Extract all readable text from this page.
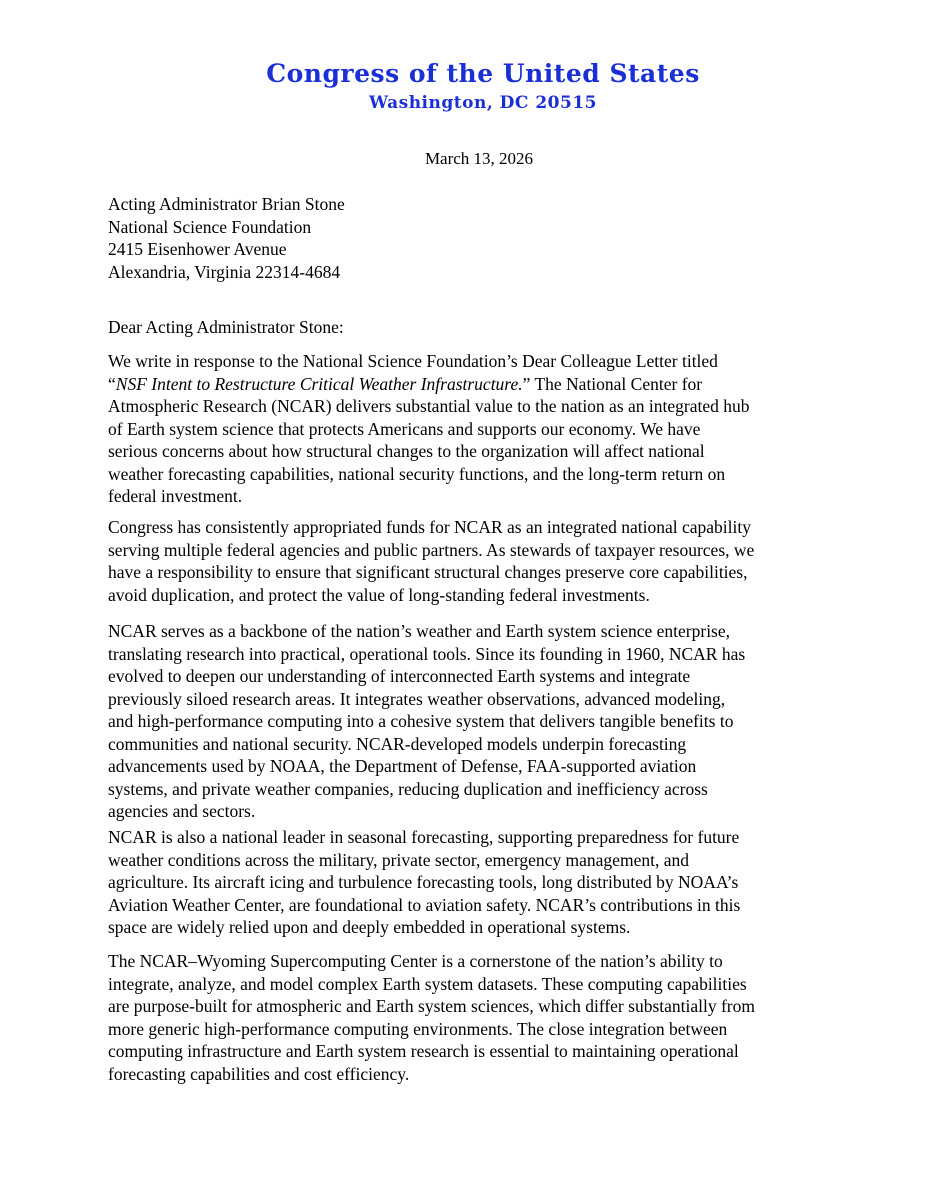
Congress of the United States
Washington, DC 20515
March 13, 2026
Acting Administrator Brian Stone
National Science Foundation
2415 Eisenhower Avenue
Alexandria, Virginia 22314-4684
Dear Acting Administrator Stone:

We write in response to the National Science Foundation’s Dear Colleague Letter titled

“NSF Intent to Restructure Critical Weather Infrastructure.” The National Center for

Atmospheric Research (NCAR) delivers substantial value to the nation as an integrated hub

of Earth system science that protects Americans and supports our economy. We have

serious concerns about how structural changes to the organization will affect national

weather forecasting capabilities, national security functions, and the long-term return on

federal investment.

Congress has consistently appropriated funds for NCAR as an integrated national capability

serving multiple federal agencies and public partners. As stewards of taxpayer resources, we

have a responsibility to ensure that significant structural changes preserve core capabilities,

avoid duplication, and protect the value of long-standing federal investments.

NCAR serves as a backbone of the nation’s weather and Earth system science enterprise,

translating research into practical, operational tools. Since its founding in 1960, NCAR has

evolved to deepen our understanding of interconnected Earth systems and integrate

previously siloed research areas. It integrates weather observations, advanced modeling,

and high-performance computing into a cohesive system that delivers tangible benefits to

communities and national security. NCAR-developed models underpin forecasting

advancements used by NOAA, the Department of Defense, FAA-supported aviation

systems, and private weather companies, reducing duplication and inefficiency across

agencies and sectors.

NCAR is also a national leader in seasonal forecasting, supporting preparedness for future

weather conditions across the military, private sector, emergency management, and

agriculture. Its aircraft icing and turbulence forecasting tools, long distributed by NOAA’s

Aviation Weather Center, are foundational to aviation safety. NCAR’s contributions in this

space are widely relied upon and deeply embedded in operational systems.

The NCAR–Wyoming Supercomputing Center is a cornerstone of the nation’s ability to

integrate, analyze, and model complex Earth system datasets. These computing capabilities

are purpose-built for atmospheric and Earth system sciences, which differ substantially from

more generic high-performance computing environments. The close integration between

computing infrastructure and Earth system research is essential to maintaining operational

forecasting capabilities and cost efficiency.
